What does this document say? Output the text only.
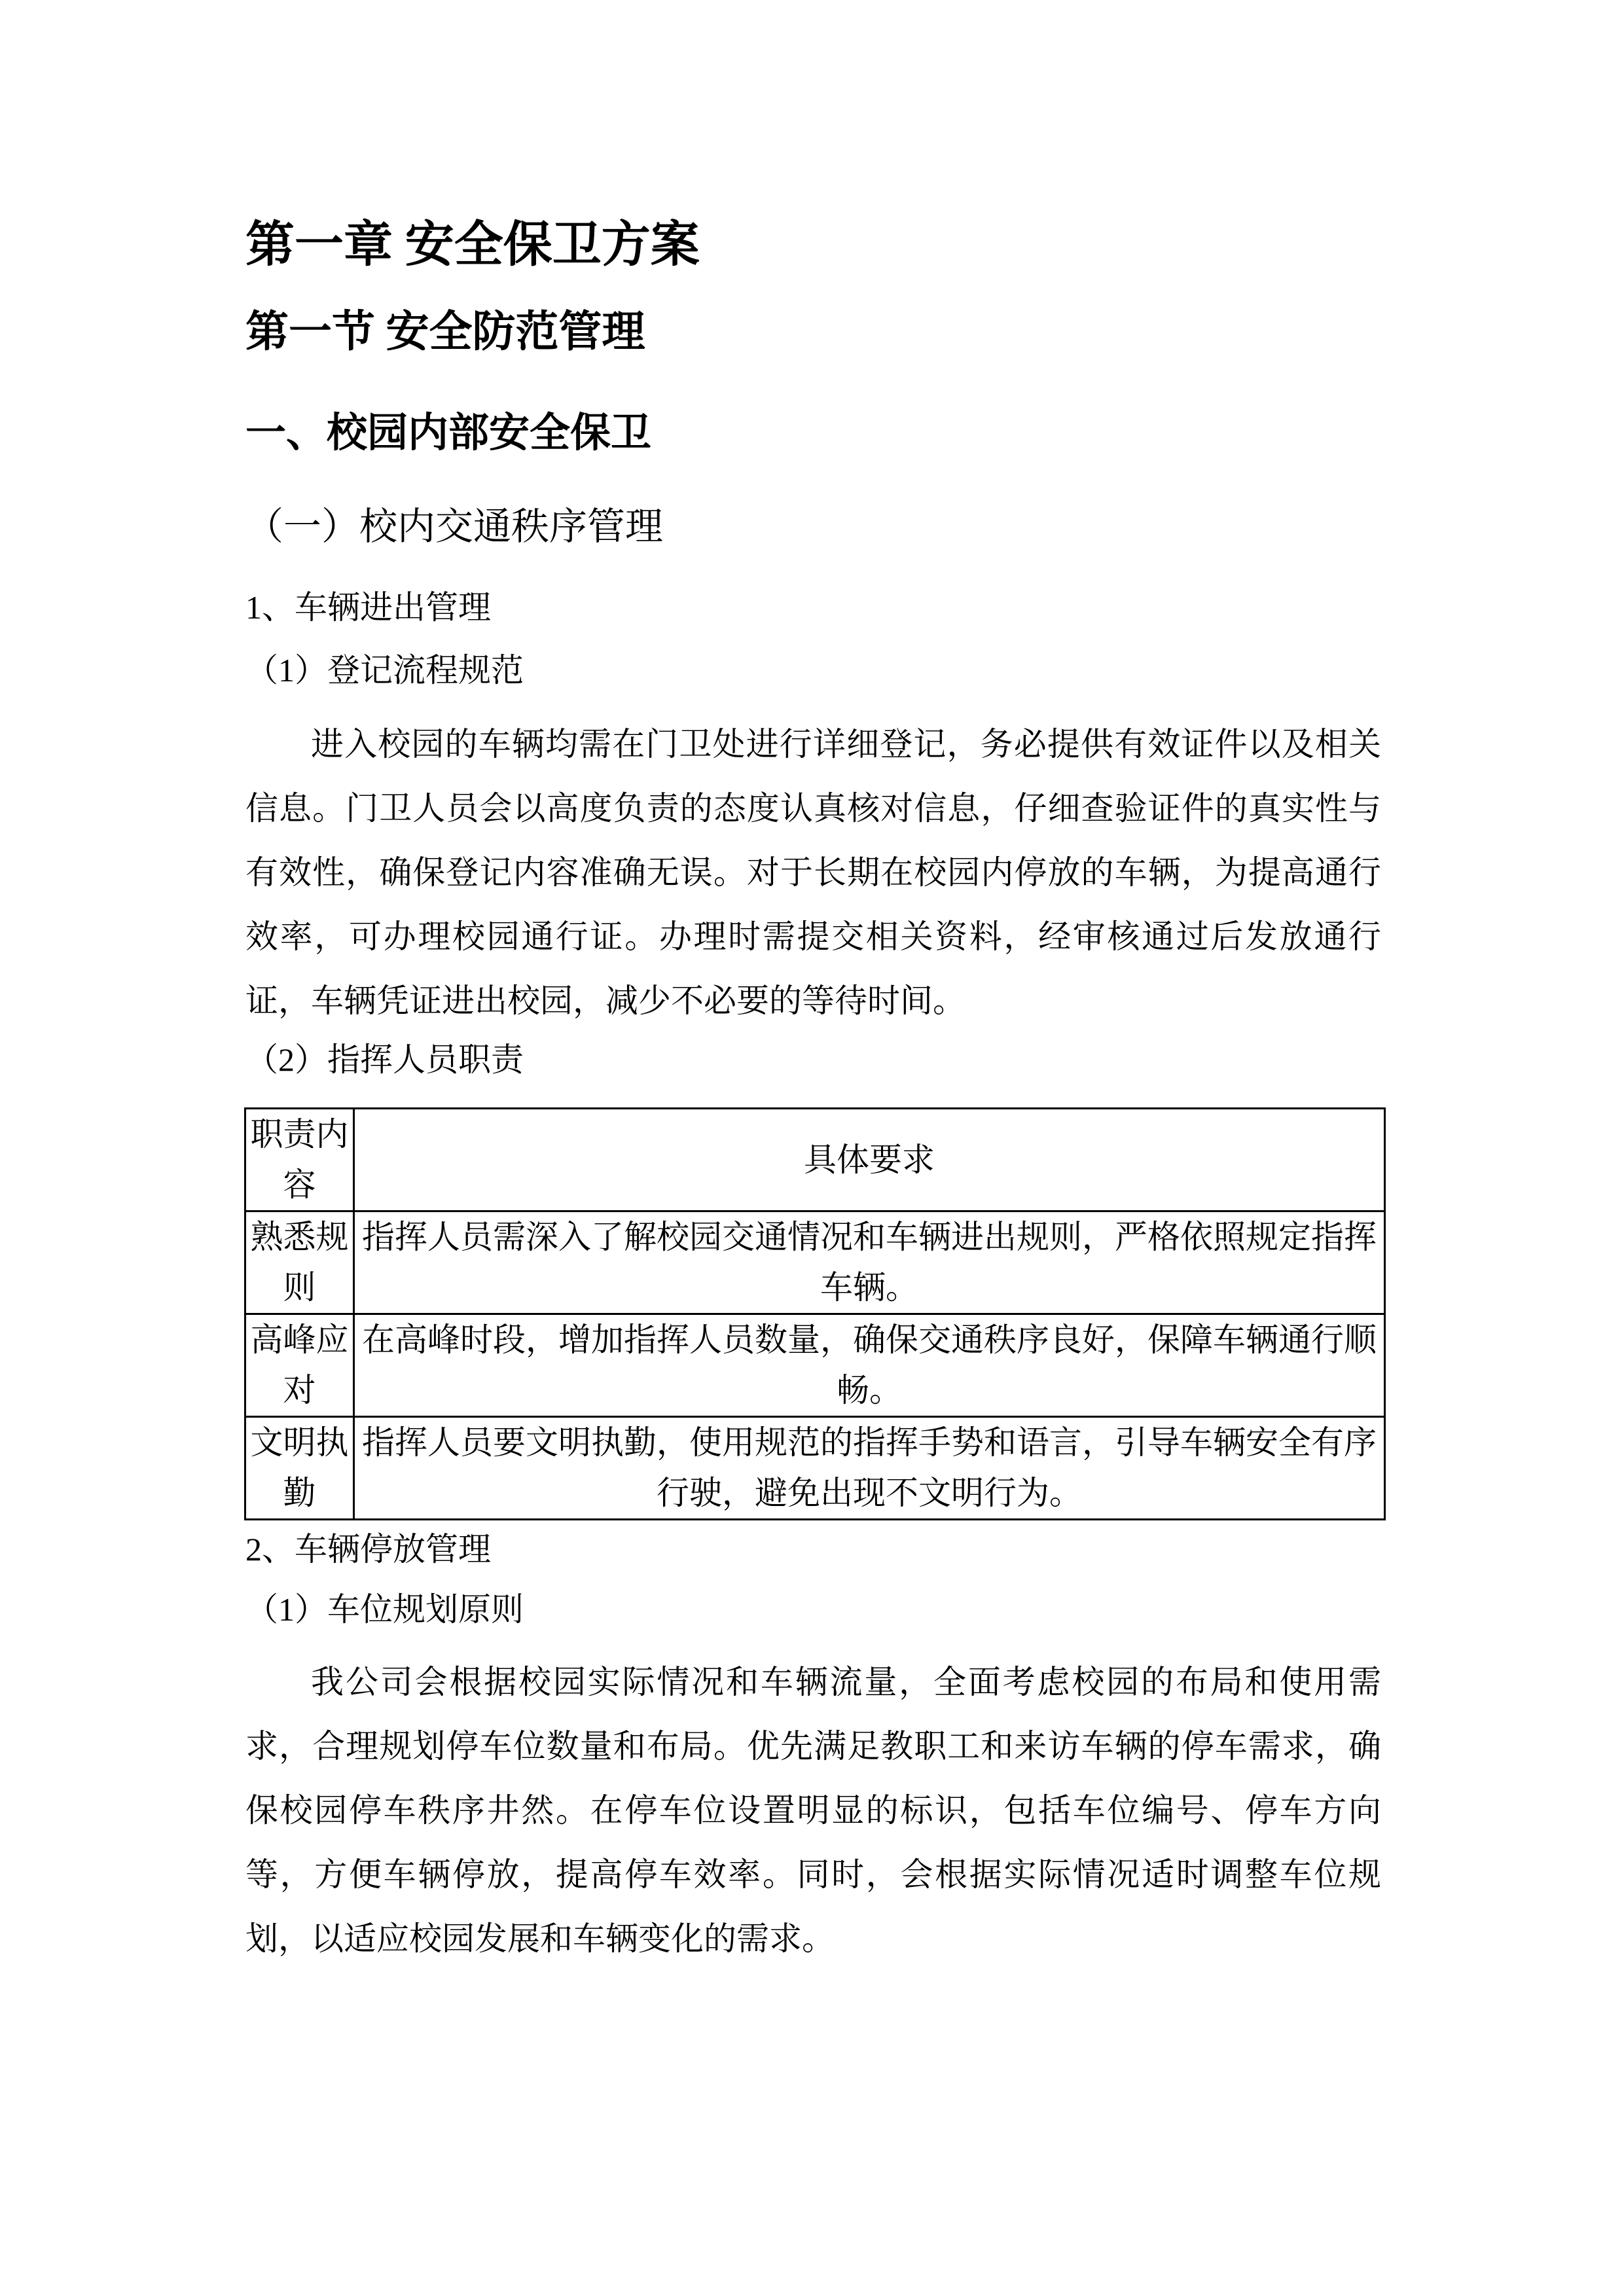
第一章 安全保卫方案
第一节 安全防范管理
一、校园内部安全保卫
（一）校内交通秩序管理
1、车辆进出管理
（1）登记流程规范
进入校园的车辆均需在门卫处进行详细登记，务必提供有效证件以及相关信息。门卫人员会以高度负责的态度认真核对信息，仔细查验证件的真实性与有效性，确保登记内容准确无误。对于长期在校园内停放的车辆，为提高通行效率，可办理校园通行证。办理时需提交相关资料，经审核通过后发放通行证，车辆凭证进出校园，减少不必要的等待时间。
（2）指挥人员职责
职责内容	具体要求
熟悉规则	指挥人员需深入了解校园交通情况和车辆进出规则，严格依照规定指挥车辆。
高峰应对	在高峰时段，增加指挥人员数量，确保交通秩序良好，保障车辆通行顺畅。
文明执勤	指挥人员要文明执勤，使用规范的指挥手势和语言，引导车辆安全有序行驶，避免出现不文明行为。
2、车辆停放管理
（1）车位规划原则
我公司会根据校园实际情况和车辆流量，全面考虑校园的布局和使用需求，合理规划停车位数量和布局。优先满足教职工和来访车辆的停车需求，确保校园停车秩序井然。在停车位设置明显的标识，包括车位编号、停车方向等，方便车辆停放，提高停车效率。同时，会根据实际情况适时调整车位规划，以适应校园发展和车辆变化的需求。
